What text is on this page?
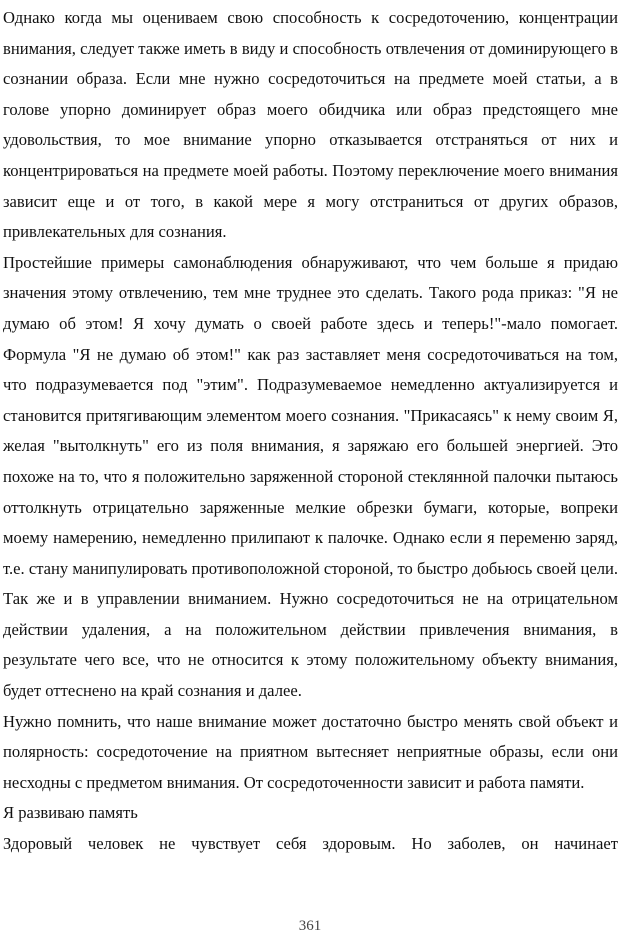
Однако когда мы оцениваем свою способность к сосредоточению, концентрации внимания, следует также иметь в виду и способность отвлечения от доминирующего в сознании образа. Если мне нужно сосредоточиться на предмете моей статьи, а в голове упорно доминирует образ моего обидчика или образ предстоящего мне удовольствия, то мое внимание упорно отказывается отстраняться от них и концентрироваться на предмете моей работы. Поэтому переключение моего внимания зависит еще и от того, в какой мере я могу отстраниться от других образов, привлекательных для сознания.

Простейшие примеры самонаблюдения обнаруживают, что чем больше я придаю значения этому отвлечению, тем мне труднее это сделать. Такого рода приказ: "Я не думаю об этом! Я хочу думать о своей работе здесь и теперь!"-мало помогает. Формула "Я не думаю об этом!" как раз заставляет меня сосредоточиваться на том, что подразумевается под "этим". Подразумеваемое немедленно актуализируется и становится притягивающим элементом моего сознания. "Прикасаясь" к нему своим Я, желая "вытолкнуть" его из поля внимания, я заряжаю его большей энергией. Это похоже на то, что я положительно заряженной стороной стеклянной палочки пытаюсь оттолкнуть отрицательно заряженные мелкие обрезки бумаги, которые, вопреки моему намерению, немедленно прилипают к палочке. Однако если я переменю заряд, т.е. стану манипулировать противоположной стороной, то быстро добьюсь своей цели. Так же и в управлении вниманием. Нужно сосредоточиться не на отрицательном действии удаления, а на положительном действии привлечения внимания, в результате чего все, что не относится к этому положительному объекту внимания, будет оттеснено на край сознания и далее.

Нужно помнить, что наше внимание может достаточно быстро менять свой объект и полярность: сосредоточение на приятном вытесняет неприятные образы, если они несходны с предметом внимания. От сосредоточенности зависит и работа памяти.

Я развиваю память

Здоровый человек не чувствует себя здоровым. Но заболев, он начинает

361
